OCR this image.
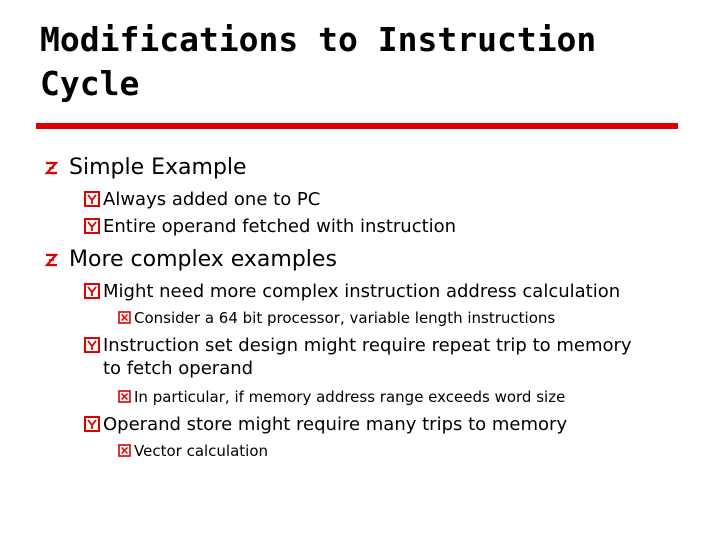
Modifications to Instruction Cycle
Simple Example
Always added one to PC
Entire operand fetched with instruction
More complex examples
Might need more complex instruction address calculation
Consider a 64 bit processor, variable length instructions
Instruction set design might require repeat trip to memory to fetch operand
In particular, if memory address range exceeds word size
Operand store might require many trips to memory
Vector calculation
